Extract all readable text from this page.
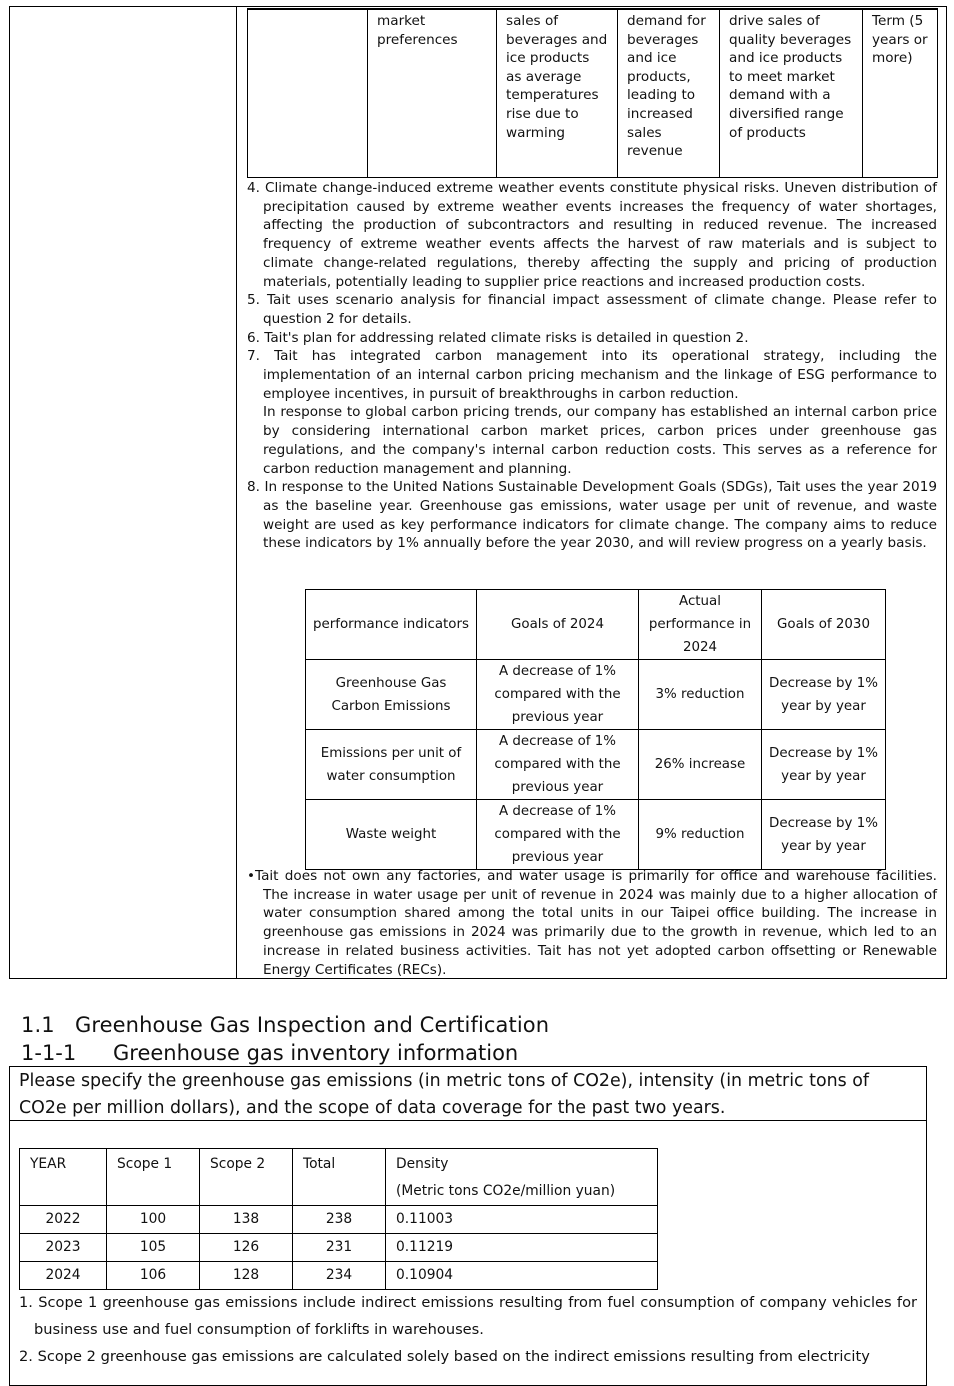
	market preferences	sales of beverages and ice products as average temperatures rise due to warming	demand for beverages and ice products, leading to increased sales revenue	drive sales of quality beverages and ice products to meet market demand with a diversified range of products	Term (5 years or more)

4. Climate change-induced extreme weather events constitute physical risks. Uneven distribution of precipitation caused by extreme weather events increases the frequency of water shortages, affecting the production of subcontractors and resulting in reduced revenue. The increased frequency of extreme weather events affects the harvest of raw materials and is subject to climate change-related regulations, thereby affecting the supply and pricing of production materials, potentially leading to supplier price reactions and increased production costs.

5. Tait uses scenario analysis for financial impact assessment of climate change. Please refer to question 2 for details.

6. Tait's plan for addressing related climate risks is detailed in question 2.

7. Tait has integrated carbon management into its operational strategy, including the implementation of an internal carbon pricing mechanism and the linkage of ESG performance to employee incentives, in pursuit of breakthroughs in carbon reduction.

In response to global carbon pricing trends, our company has established an internal carbon price by considering international carbon market prices, carbon prices under greenhouse gas regulations, and the company's internal carbon reduction costs. This serves as a reference for carbon reduction management and planning.

8. In response to the United Nations Sustainable Development Goals (SDGs), Tait uses the year 2019 as the baseline year. Greenhouse gas emissions, water usage per unit of revenue, and waste weight are used as key performance indicators for climate change. The company aims to reduce these indicators by 1% annually before the year 2030, and will review progress on a yearly basis.

performance indicators	Goals of 2024	Actual performance in 2024	Goals of 2030
Greenhouse Gas Carbon Emissions	A decrease of 1% compared with the previous year	3% reduction	Decrease by 1% year by year
Emissions per unit of water consumption	A decrease of 1% compared with the previous year	26% increase	Decrease by 1% year by year
Waste weight	A decrease of 1% compared with the previous year	9% reduction	Decrease by 1% year by year
•Tait does not own any factories, and water usage is primarily for office and warehouse facilities. The increase in water usage per unit of revenue in 2024 was mainly due to a higher allocation of water consumption shared among the total units in our Taipei office building. The increase in greenhouse gas emissions in 2024 was primarily due to the growth in revenue, which led to an increase in related business activities. Tait has not yet adopted carbon offsetting or Renewable Energy Certificates (RECs).
1.1 Greenhouse Gas Inspection and Certification
1-1-1 Greenhouse gas inventory information
Please specify the greenhouse gas emissions (in metric tons of CO2e), intensity (in metric tons of CO2e per million dollars), and the scope of data coverage for the past two years.
YEAR	Scope 1	Scope 2	Total	Density
(Metric tons CO2e/million yuan)

2022	100	138	238	0.11003
2023	105	126	231	0.11219
2024	106	128	234	0.10904

1. Scope 1 greenhouse gas emissions include indirect emissions resulting from fuel consumption of company vehicles for business use and fuel consumption of forklifts in warehouses.

2. Scope 2 greenhouse gas emissions are calculated solely based on the indirect emissions resulting from electricity
